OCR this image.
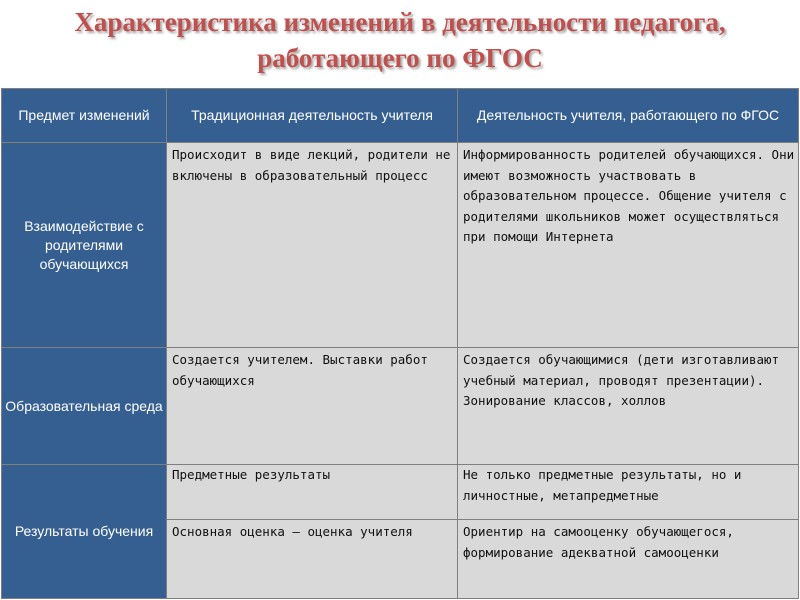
Характеристика изменений в деятельности педагога,
работающего по ФГОС
Предмет изменений	Традиционная деятельность учителя	Деятельность учителя, работающего по ФГОС
Взаимодействие с родителями обучающихся	Происходит в виде лекций, родители не включены в образовательный процесс	Информированность родителей обучающихся. Они имеют возможность участвовать в образовательном процессе. Общение учителя с родителями школьников может осуществляться при помощи Интернета
Образовательная среда	Создается учителем. Выставки работ обучающихся	Создается обучающимися (дети изготавливают учебный материал, проводят презентации). Зонирование классов, холлов
Результаты обучения	Предметные результаты	Не только предметные результаты, но и личностные, метапредметные
	Основная оценка – оценка учителя	Ориентир на самооценку обучающегося, формирование адекватной самооценки
